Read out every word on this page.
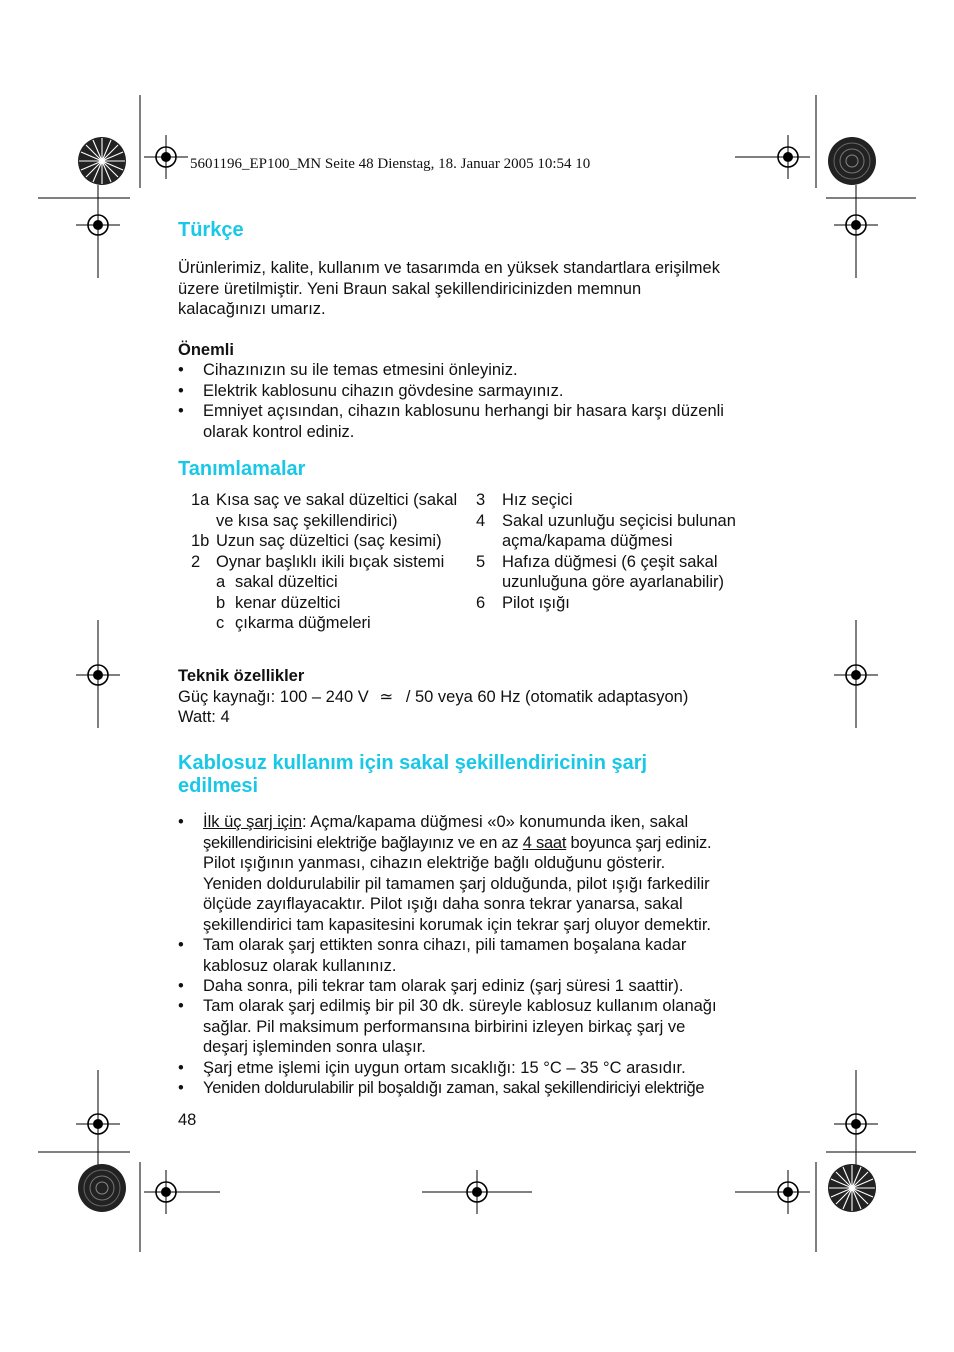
5601196_EP100_MN Seite 48 Dienstag, 18. Januar 2005 10:54 10
Türkçe
Ürünlerimiz, kalite, kullanım ve tasarımda en yüksek standartlara erişilmek
üzere üretilmiştir. Yeni Braun sakal şekillendiricinizden memnun
kalacağınızı umarız.
Önemli
• Cihazınızın su ile temas etmesini önleyiniz.
• Elektrik kablosunu cihazın gövdesine sarmayınız.
• Emniyet açısından, cihazın kablosunu herhangi bir hasara karşı düzenli
olarak kontrol ediniz.
Tanımlamalar
1a Kısa saç ve sakal düzeltici (sakal
ve kısa saç şekillendirici)
1b Uzun saç düzeltici (saç kesimi)
2 Oynar başlıklı ikili bıçak sistemi
a sakal düzeltici
b kenar düzeltici
c çıkarma düğmeleri
3 Hız seçici
4 Sakal uzunluğu seçicisi bulunan
açma/kapama düğmesi
5 Hafıza düğmesi (6 çeşit sakal
uzunluğuna göre ayarlanabilir)
6 Pilot ışığı
Teknik özellikler
Güç kaynağı: 100 – 240 V ≃ / 50 veya 60 Hz (otomatik adaptasyon)
Watt: 4
Kablosuz kullanım için sakal şekillendiricinin şarj
edilmesi
• İlk üç şarj için: Açma/kapama düğmesi «0» konumunda iken, sakal
şekillendiricisini elektriğe bağlayınız ve en az 4 saat boyunca şarj ediniz.
Pilot ışığının yanması, cihazın elektriğe bağlı olduğunu gösterir.
Yeniden doldurulabilir pil tamamen şarj olduğunda, pilot ışığı farkedilir
ölçüde zayıflayacaktır. Pilot ışığı daha sonra tekrar yanarsa, sakal
şekillendirici tam kapasitesini korumak için tekrar şarj oluyor demektir.
• Tam olarak şarj ettikten sonra cihazı, pili tamamen boşalana kadar
kablosuz olarak kullanınız.
• Daha sonra, pili tekrar tam olarak şarj ediniz (şarj süresi 1 saattir).
• Tam olarak şarj edilmiş bir pil 30 dk. süreyle kablosuz kullanım olanağı
sağlar. Pil maksimum performansına birbirini izleyen birkaç şarj ve
deşarj işleminden sonra ulaşır.
• Şarj etme işlemi için uygun ortam sıcaklığı: 15 °C – 35 °C arasıdır.
• Yeniden doldurulabilir pil boşaldığı zaman, sakal şekillendiriciyi elektriğe
48
